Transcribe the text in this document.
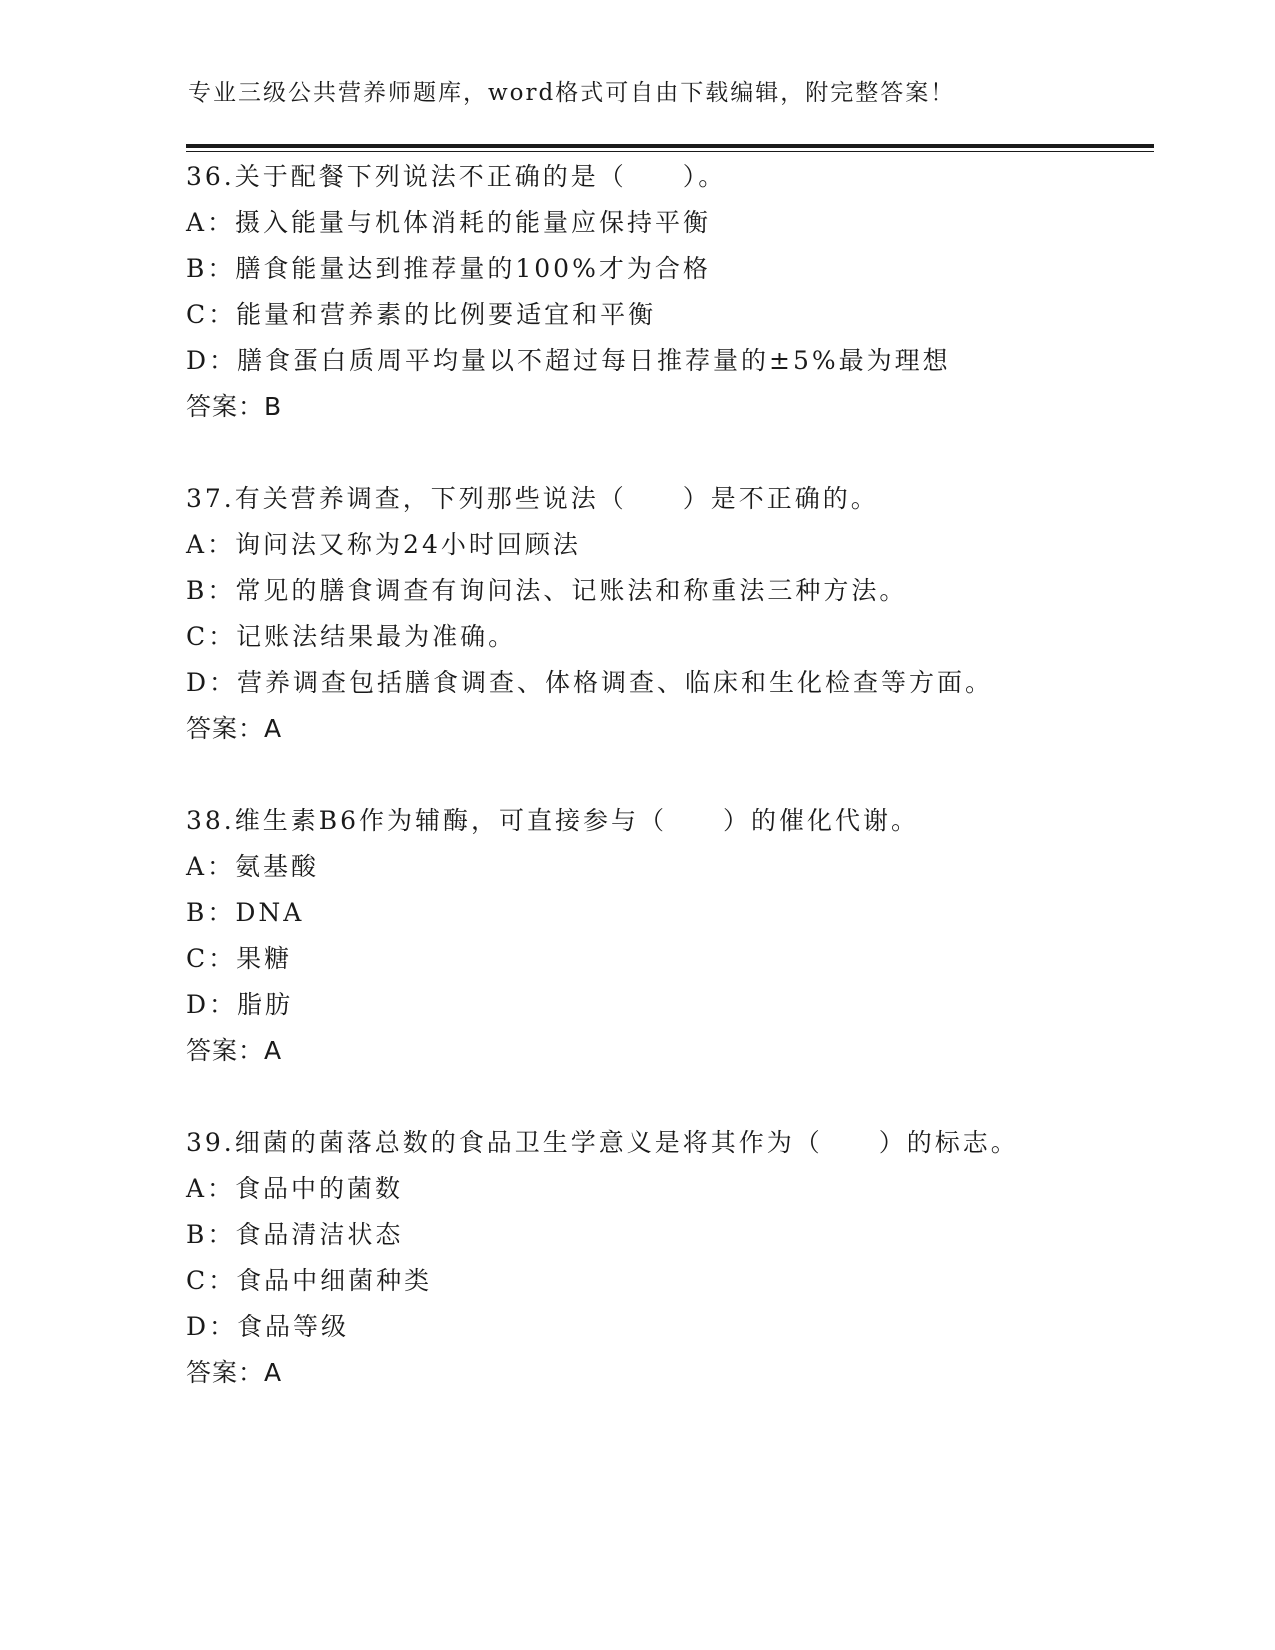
专业三级公共营养师题库，word格式可自由下载编辑，附完整答案！
36.关于配餐下列说法不正确的是（　　）。
A：摄入能量与机体消耗的能量应保持平衡
B：膳食能量达到推荐量的100%才为合格
C：能量和营养素的比例要适宜和平衡
D：膳食蛋白质周平均量以不超过每日推荐量的±5%最为理想
答案：B
37.有关营养调查，下列那些说法（　　）是不正确的。
A：询问法又称为24小时回顾法
B：常见的膳食调查有询问法、记账法和称重法三种方法。
C：记账法结果最为准确。
D：营养调查包括膳食调查、体格调查、临床和生化检查等方面。
答案：A
38.维生素B6作为辅酶，可直接参与（　　）的催化代谢。
A：氨基酸
B：DNA
C：果糖
D：脂肪
答案：A
39.细菌的菌落总数的食品卫生学意义是将其作为（　　）的标志。
A：食品中的菌数
B：食品清洁状态
C：食品中细菌种类
D：食品等级
答案：A
